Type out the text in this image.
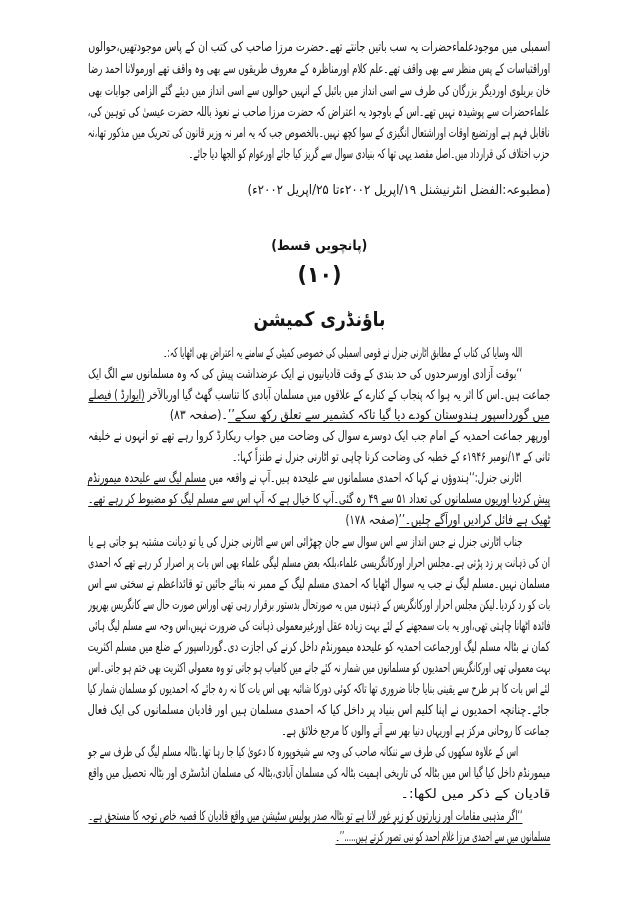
اسمبلی میں موجودعلماءحضرات یہ سب باتیں جانتے تھے۔حضرت مرزا صاحب کی کتب ان کے پاس موجودتھیں،حوالوں
اوراقتباسات کے پس منظر سے بھی واقف تھے۔علم کلام اورمناظرہ کے معروف طریقوں سے بھی وہ واقف تھے اورمولانا احمد رضا
خان بریلوی اوردیگر بزرگان کی طرف سے اسی انداز میں بائبل کے انہیں حوالوں سے اسی انداز میں دیئے گئے الزامی جوابات بھی
علماءحضرات سے پوشیدہ نہیں تھے۔اس کے باوجود یہ اعتراض کہ حضرت مرزا صاحب نے نعوذ باللہ حضرت عیسیٰ کی توہین کی،
ناقابل فہم ہے اورتضیع اوقات اوراشتعال انگیزی کے سوا کچھ نہیں۔بالخصوص جب کہ یہ امر نہ وزیر قانون کی تحریک میں مذکور تھا،نہ
حزب اختلاف کی قرارداد میں۔اصل مقصد یہی تھا کہ بنیادی سوال سے گریز کیا جائے اورعوام کو الجھا دیا جائے۔
(مطبوعہ:الفضل انٹرنیشنل ۱۹/اپریل ۲۰۰۲ءتا ۲۵/اپریل ۲۰۰۲ء)
(پانچویں قسط)
(۱۰)
باؤنڈری کمیشن
اللہ وسایا کی کتاب کے مطابق اٹارنی جنرل نے قومی اسمبلی کی خصوصی کمیٹی کے سامنے یہ اعتراض بھی اٹھایا کہ:۔
‘‘بوقت آزادی اورسرحدوں کی حد بندی کے وقت قادیانیوں نے ایک عرضداشت پیش کی کہ وہ مسلمانوں سے الگ ایک
جماعت ہیں۔اس کا اثر یہ ہوا کہ پنجاب کے کنارے کے علاقوں میں مسلمان آبادی کا تناسب گھٹ گیا اوربالآخر (ایوارڈ ) فیصلے
میں گورداسپور ہندوستان کودے دیا گیا تاکہ کشمیر سے تعلق رکھ سکے’’۔(صفحہ ۸۳)
اورپھر جماعت احمدیہ کے امام جب ایک دوسرے سوال کی وضاحت میں جواب ریکارڈ کروا رہے تھے تو انہوں نے خلیفہ
ثانی کے ۱۳/نومبر ۱۹۴۶ء کے خطبہ کی وضاحت کرنا چاہی تو اٹارنی جنرل نے طنزاً کہا:۔
اٹارنی جنرل:‘‘ہندوؤں نے کہا کہ احمدی مسلمانوں سے علیحدہ ہیں۔آپ نے واقعہ میں مسلم لیگ سے علیحدہ میمورنڈم
پیش کردیا اوریوں مسلمانوں کی تعداد ۵۱ سے ۴۹ رہ گئی۔آپ کا خیال ہے کہ آپ اس سے مسلم لیگ کو مضبوط کر رہے تھے۔
ٹھیک ہے فائل کرادیں اورآگے چلیں۔’’(صفحہ ۱۷۸)
جناب اٹارنی جنرل نے جس انداز سے اس سوال سے جان چھڑائی اس سے اٹارنی جنرل کی یا تو دیانت مشتبہ ہو جاتی ہے یا
ان کی ذہانت پر زد پڑتی ہے۔مجلس احرار اورکانگریسی علماء،بلکہ بعض مسلم لیگی علماء بھی اس بات پر اصرار کر رہے تھے کہ احمدی
مسلمان نہیں۔مسلم لیگ نے جب یہ سوال اٹھایا کہ احمدی مسلم لیگ کے ممبر نہ بنائے جائیں تو قائداعظم نے سختی سے اس
بات کو رد کردیا۔لیکن مجلس احرار اورکانگریس کے ذہنوں میں یہ صورتحال بدستور برقرار رہی تھی اوراس صورت حال سے کانگریس بھرپور
فائدہ اٹھانا چاہتی تھی،اور یہ بات سمجھنے کے لئے بہت زیادہ عقل اورغیرمعمولی ذہانت کی ضرورت نہیں،اس وجہ سے مسلم لیگ ہائی
کمان نے بٹالہ مسلم لیگ اورجماعت احمدیہ کو علیحدہ میمورنڈم داخل کرنے کی اجازت دی۔گورداسپور کے ضلع میں مسلم اکثریت
بہت معمولی تھی اورکانگریس احمدیوں کو مسلمانوں میں شمار نہ کئے جانے میں کامیاب ہو جاتی تو وہ معمولی اکثریت بھی ختم ہو جاتی۔اس
لئے اس بات کا ہر طرح سے یقینی بنایا جانا ضروری تھا تاکہ کوئی دورکا شائبہ بھی اس بات کا نہ رہ جائے کہ احمدیوں کو مسلمان شمار کیا
جائے۔چنانچہ احمدیوں نے اپنا کلیم اس بنیاد پر داخل کیا کہ احمدی مسلمان ہیں اور قادیان مسلمانوں کی ایک فعال
جماعت کا روحانی مرکز ہے اوریہاں دنیا بھر سے آنے والوں کا مرجع خلائق ہے۔
اس کے علاوہ سکھوں کی طرف سے ننکانہ صاحب کی وجہ سے شیخوپورہ کا دعویٰ کیا جا رہا تھا۔بٹالہ مسلم لیگ کی طرف سے جو
میمورنڈم داخل کیا گیا اس میں بٹالہ کی تاریخی اہمیت بٹالہ کی مسلمان آبادی،بٹالہ کی مسلمان انڈسٹری اور بٹالہ تحصیل میں واقع
قادیان کے ذکر میں لکھا:۔
‘‘اگر مذہبی مقامات اور زیارتوں کو زیرِ غور لانا ہے تو بٹالہ صدر پولیس سٹیشن میں واقع قادیان کا قصبہ خاص توجہ کا مستحق ہے۔
مسلمانوں میں سے احمدی مرزا غلام احمد کو نبی تصور کرتے ہیں.....’’۔
